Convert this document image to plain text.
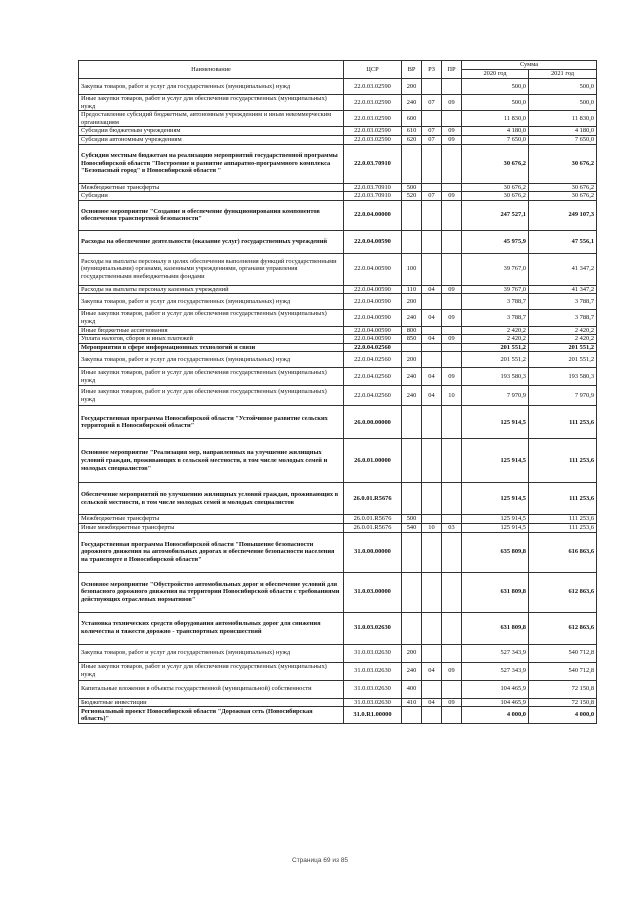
Наименование	ЦСР	ВР	РЗ	ПР	Сумма	
					2020 год	2021 год
Закупка товаров, работ и услуг для государственных (муниципальных) нужд	22.0.03.02590	200			500,0	500,0
Иные закупки товаров, работ и услуг для обеспечения государственных (муниципальных) нужд	22.0.03.02590	240	07	09	500,0	500,0
Предоставление субсидий бюджетным, автономным учреждениям и иным некоммерческим организациям	22.0.03.02590	600			11 830,0	11 830,0
Субсидии бюджетным учреждениям	22.0.03.02590	610	07	09	4 180,0	4 180,0
Субсидии автономным учреждениям	22.0.03.02590	620	07	09	7 650,0	7 650,0
Субсидии местным бюджетам на реализацию мероприятий государственной программы Новосибирской области "Построение и развитие аппаратно-программного комплекса "Безопасный город" в Новосибирской области "	22.0.03.70910				30 676,2	30 676,2
Межбюджетные трансферты	22.0.03.70910	500			30 676,2	30 676,2
Субсидии	22.0.03.70910	520	07	09	30 676,2	30 676,2
Основное мероприятие "Создание и обеспечение функционирования компонентов обеспечения транспортной безопасности"	22.0.04.00000				247 527,1	249 107,3
Расходы на обеспечение деятельности (оказание услуг) государственных учреждений	22.0.04.00590				45 975,9	47 556,1
Расходы на выплаты персоналу в целях обеспечения выполнения функций государственными (муниципальными) органами, казенными учреждениями, органами управления государственными внебюджетными фондами	22.0.04.00590	100			39 767,0	41 347,2
Расходы на выплаты персоналу казенных учреждений	22.0.04.00590	110	04	09	39 767,0	41 347,2
Закупка товаров, работ и услуг для государственных (муниципальных) нужд	22.0.04.00590	200			3 788,7	3 788,7
Иные закупки товаров, работ и услуг для обеспечения государственных (муниципальных) нужд	22.0.04.00590	240	04	09	3 788,7	3 788,7
Иные бюджетные ассигнования	22.0.04.00590	800			2 420,2	2 420,2
Уплата налогов, сборов и иных платежей	22.0.04.00590	850	04	09	2 420,2	2 420,2
Мероприятия в сфере информационных технологий и связи	22.0.04.02560				201 551,2	201 551,2
Закупка товаров, работ и услуг для государственных (муниципальных) нужд	22.0.04.02560	200			201 551,2	201 551,2
Иные закупки товаров, работ и услуг для обеспечения государственных (муниципальных) нужд	22.0.04.02560	240	04	09	193 580,3	193 580,3
Иные закупки товаров, работ и услуг для обеспечения государственных (муниципальных) нужд	22.0.04.02560	240	04	10	7 970,9	7 970,9
Государственная программа Новосибирской области "Устойчивое развитие сельских территорий в Новосибирской области"	26.0.00.00000				125 914,5	111 253,6
Основное мероприятие "Реализация мер, направленных на улучшение жилищных условий граждан, проживающих в сельской местности, в том числе молодых семей и молодых специалистов"	26.0.01.00000				125 914,5	111 253,6
Обеспечение мероприятий по улучшению жилищных условий граждан, проживающих в сельской местности, в том числе молодых семей и молодых специалистов	26.0.01.R5676				125 914,5	111 253,6
Межбюджетные трансферты	26.0.01.R5676	500			125 914,5	111 253,6
Иные межбюджетные трансферты	26.0.01.R5676	540	10	03	125 914,5	111 253,6
Государственная программа Новосибирской области "Повышение безопасности дорожного движения на автомобильных дорогах и обеспечение безопасности населения на транспорте в Новосибирской области"	31.0.00.00000				635 809,8	616 863,6
Основное мероприятие "Обустройство автомобильных дорог и обеспечение условий для безопасного дорожного движения на территории Новосибирской области с требованиями действующих отраслевых нормативов"	31.0.03.00000				631 809,8	612 863,6
Установка технических средств оборудования автомобильных дорог для снижения количества и тяжести дорожно - транспортных происшествий	31.0.03.02630				631 809,8	612 863,6
Закупка товаров, работ и услуг для государственных (муниципальных) нужд	31.0.03.02630	200			527 343,9	540 712,8
Иные закупки товаров, работ и услуг для обеспечения государственных (муниципальных) нужд	31.0.03.02630	240	04	09	527 343,9	540 712,8
Капитальные вложения в объекты государственной (муниципальной) собственности	31.0.03.02630	400			104 465,9	72 150,8
Бюджетные инвестиции	31.0.03.02630	410	04	09	104 465,9	72 150,8
Региональный проект Новосибирской области "Дорожная сеть (Новосибирская область)"	31.0.R1.00000				4 000,0	4 000,0
Страница 69 из 85
